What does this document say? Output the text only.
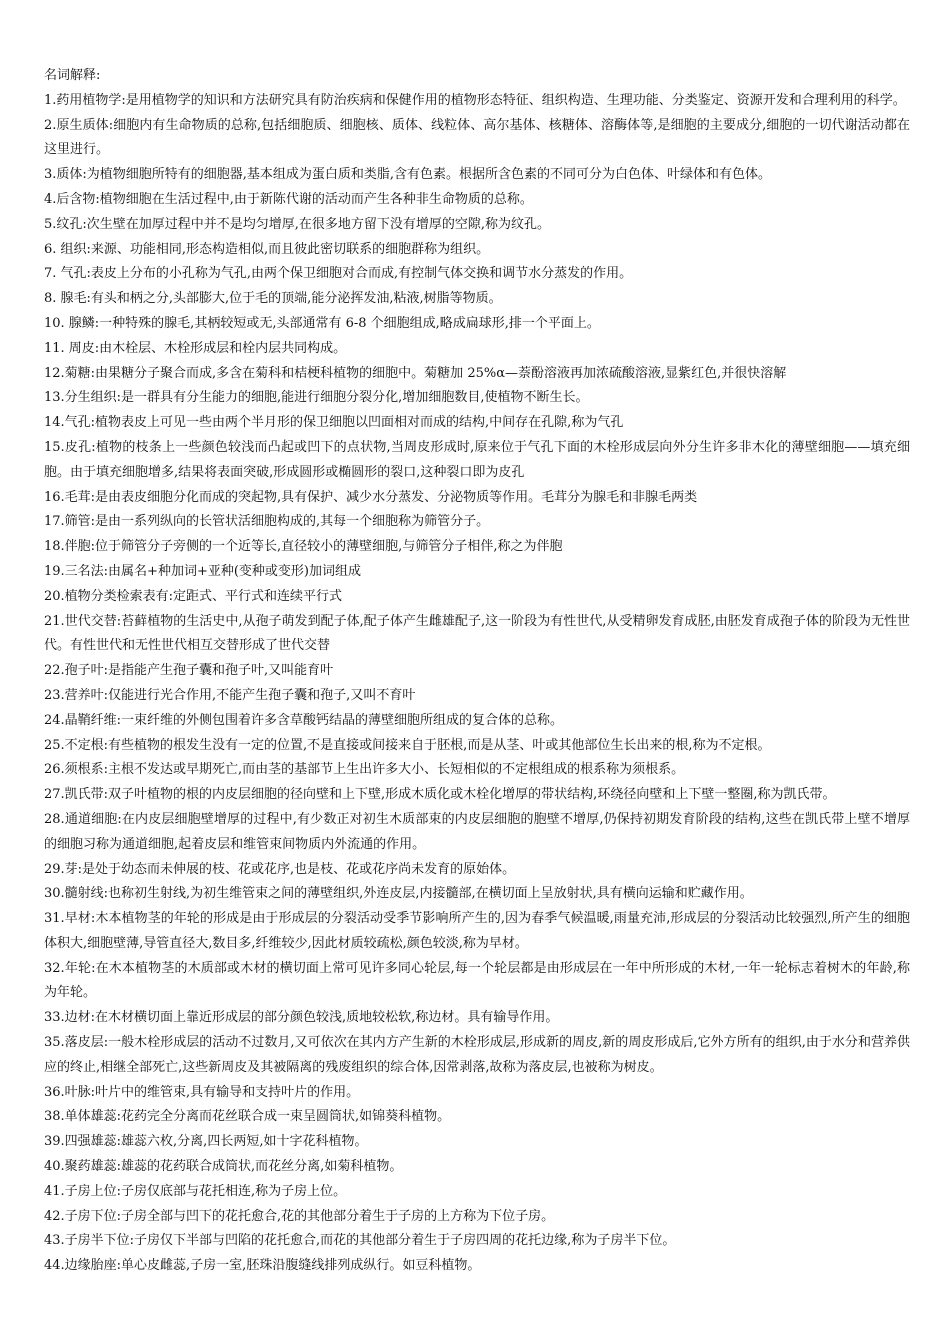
名词解释:

1.药用植物学:是用植物学的知识和方法研究具有防治疾病和保健作用的植物形态特征、组织构造、生理功能、分类鉴定、资源开发和合理利用的科学。
2.原生质体:细胞内有生命物质的总称,包括细胞质、细胞核、质体、线粒体、高尔基体、核糖体、溶酶体等,是细胞的主要成分,细胞的一切代谢活动都在这里进行。
3.质体:为植物细胞所特有的细胞器,基本组成为蛋白质和类脂,含有色素。根据所含色素的不同可分为白色体、叶绿体和有色体。
4.后含物:植物细胞在生活过程中,由于新陈代谢的活动而产生各种非生命物质的总称。
5.纹孔:次生壁在加厚过程中并不是均匀增厚,在很多地方留下没有增厚的空隙,称为纹孔。
6. 组织:来源、功能相同,形态构造相似,而且彼此密切联系的细胞群称为组织。
7. 气孔:表皮上分布的小孔称为气孔,由两个保卫细胞对合而成,有控制气体交换和调节水分蒸发的作用。
8. 腺毛:有头和柄之分,头部膨大,位于毛的顶端,能分泌挥发油,粘液,树脂等物质。
10. 腺鳞:一种特殊的腺毛,其柄较短或无,头部通常有 6-8 个细胞组成,略成扁球形,排一个平面上。
11. 周皮:由木栓层、木栓形成层和栓内层共同构成。
12.菊糖:由果糖分子聚合而成,多含在菊科和桔梗科植物的细胞中。菊糖加 25%α—萘酚溶液再加浓硫酸溶液,显紫红色,并很快溶解
13.分生组织:是一群具有分生能力的细胞,能进行细胞分裂分化,增加细胞数目,使植物不断生长。
14.气孔:植物表皮上可见一些由两个半月形的保卫细胞以凹面相对而成的结构,中间存在孔隙,称为气孔
15.皮孔:植物的枝条上一些颜色较浅而凸起或凹下的点状物,当周皮形成时,原来位于气孔下面的木栓形成层向外分生许多非木化的薄壁细胞——填充细胞。由于填充细胞增多,结果将表面突破,形成圆形或椭圆形的裂口,这种裂口即为皮孔
16.毛茸:是由表皮细胞分化而成的突起物,具有保护、减少水分蒸发、分泌物质等作用。毛茸分为腺毛和非腺毛两类
17.筛管:是由一系列纵向的长管状活细胞构成的,其每一个细胞称为筛管分子。
18.伴胞:位于筛管分子旁侧的一个近等长,直径较小的薄壁细胞,与筛管分子相伴,称之为伴胞
19.三名法:由属名+种加词+亚种(变种或变形)加词组成
20.植物分类检索表有:定距式、平行式和连续平行式
21.世代交替:苔藓植物的生活史中,从孢子萌发到配子体,配子体产生雌雄配子,这一阶段为有性世代,从受精卵发育成胚,由胚发育成孢子体的阶段为无性世代。有性世代和无性世代相互交替形成了世代交替
22.孢子叶:是指能产生孢子囊和孢子叶,又叫能育叶
23.营养叶:仅能进行光合作用,不能产生孢子囊和孢子,又叫不育叶
24.晶鞘纤维:一束纤维的外侧包围着许多含草酸钙结晶的薄壁细胞所组成的复合体的总称。
25.不定根:有些植物的根发生没有一定的位置,不是直接或间接来自于胚根,而是从茎、叶或其他部位生长出来的根,称为不定根。
26.须根系:主根不发达或早期死亡,而由茎的基部节上生出许多大小、长短相似的不定根组成的根系称为须根系。
27.凯氏带:双子叶植物的根的内皮层细胞的径向壁和上下壁,形成木质化或木栓化增厚的带状结构,环绕径向壁和上下壁一整圈,称为凯氏带。
28.通道细胞:在内皮层细胞壁增厚的过程中,有少数正对初生木质部束的内皮层细胞的胞壁不增厚,仍保持初期发育阶段的结构,这些在凯氏带上壁不增厚的细胞习称为通道细胞,起着皮层和维管束间物质内外流通的作用。
29.芽:是处于幼态而未伸展的枝、花或花序,也是枝、花或花序尚未发育的原始体。
30.髓射线:也称初生射线,为初生维管束之间的薄壁组织,外连皮层,内接髓部,在横切面上呈放射状,具有横向运输和贮藏作用。
31.早材:木本植物茎的年轮的形成是由于形成层的分裂活动受季节影响所产生的,因为春季气候温暖,雨量充沛,形成层的分裂活动比较强烈,所产生的细胞体积大,细胞壁薄,导管直径大,数目多,纤维较少,因此材质较疏松,颜色较淡,称为早材。
32.年轮:在木本植物茎的木质部或木材的横切面上常可见许多同心轮层,每一个轮层都是由形成层在一年中所形成的木材,一年一轮标志着树木的年龄,称为年轮。
33.边材:在木材横切面上靠近形成层的部分颜色较浅,质地较松软,称边材。具有输导作用。
35.落皮层:一般木栓形成层的活动不过数月,又可依次在其内方产生新的木栓形成层,形成新的周皮,新的周皮形成后,它外方所有的组织,由于水分和营养供应的终止,相继全部死亡,这些新周皮及其被隔离的残废组织的综合体,因常剥落,故称为落皮层,也被称为树皮。
36.叶脉:叶片中的维管束,具有输导和支持叶片的作用。
38.单体雄蕊:花药完全分离而花丝联合成一束呈圆筒状,如锦葵科植物。
39.四强雄蕊:雄蕊六枚,分离,四长两短,如十字花科植物。
40.聚药雄蕊:雄蕊的花药联合成筒状,而花丝分离,如菊科植物。
41.子房上位:子房仅底部与花托相连,称为子房上位。
42.子房下位:子房全部与凹下的花托愈合,花的其他部分着生于子房的上方称为下位子房。
43.子房半下位:子房仅下半部与凹陷的花托愈合,而花的其他部分着生于子房四周的花托边缘,称为子房半下位。
44.边缘胎座:单心皮雌蕊,子房一室,胚珠沿腹缝线排列成纵行。如豆科植物。
